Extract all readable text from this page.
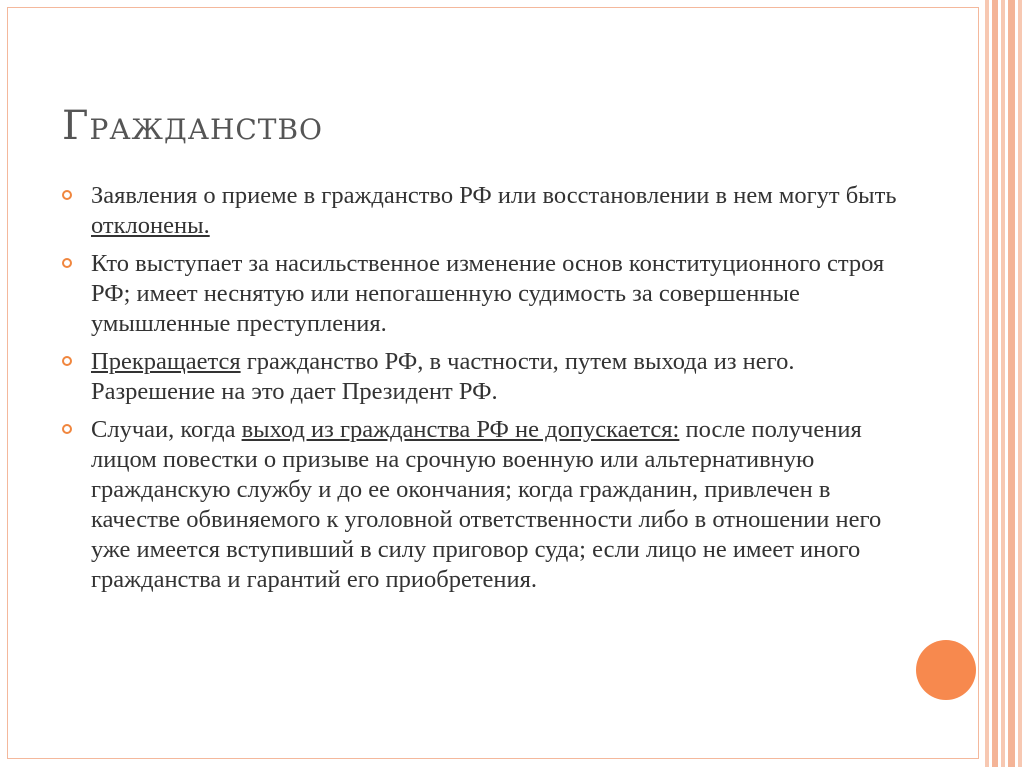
Гражданство
Заявления о приеме в гражданство РФ или восстановлении в нем могут быть отклонены.
Кто выступает за насильственное изменение основ конституционного строя РФ; имеет неснятую или непогашенную судимость за совершенные умышленные преступления.
Прекращается гражданство РФ, в частности, путем выхода из него. Разрешение на это дает Президент РФ.
Случаи, когда выход из гражданства РФ не допускается: после получения лицом повестки о призыве на срочную военную или альтернативную гражданскую службу и до ее окончания; когда гражданин, привлечен в качестве обвиняемого к уголовной ответственности либо в отношении него уже имеется вступивший в силу приговор суда; если лицо не имеет иного гражданства и гарантий его приобретения.
